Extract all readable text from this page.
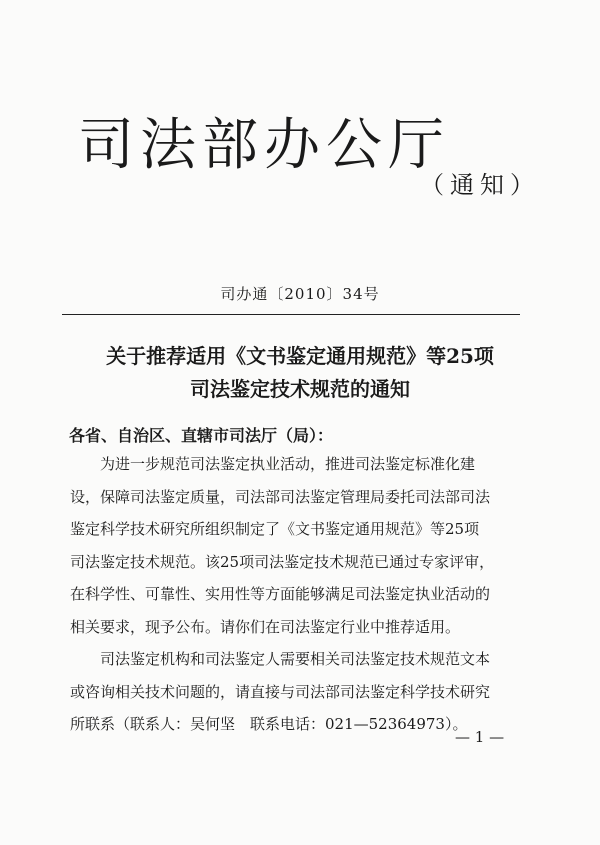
司法部办公厅
（通知）
司办通〔2010〕34号
关于推荐适用《文书鉴定通用规范》等25项
司法鉴定技术规范的通知
各省、自治区、直辖市司法厅（局）：
为进一步规范司法鉴定执业活动，推进司法鉴定标准化建
设，保障司法鉴定质量，司法部司法鉴定管理局委托司法部司法
鉴定科学技术研究所组织制定了《文书鉴定通用规范》等25项
司法鉴定技术规范。该25项司法鉴定技术规范已通过专家评审，
在科学性、可靠性、实用性等方面能够满足司法鉴定执业活动的
相关要求，现予公布。请你们在司法鉴定行业中推荐适用。
司法鉴定机构和司法鉴定人需要相关司法鉴定技术规范文本
或咨询相关技术问题的，请直接与司法部司法鉴定科学技术研究
所联系（联系人：吴何坚　联系电话：021—52364973）。
— 1 —
